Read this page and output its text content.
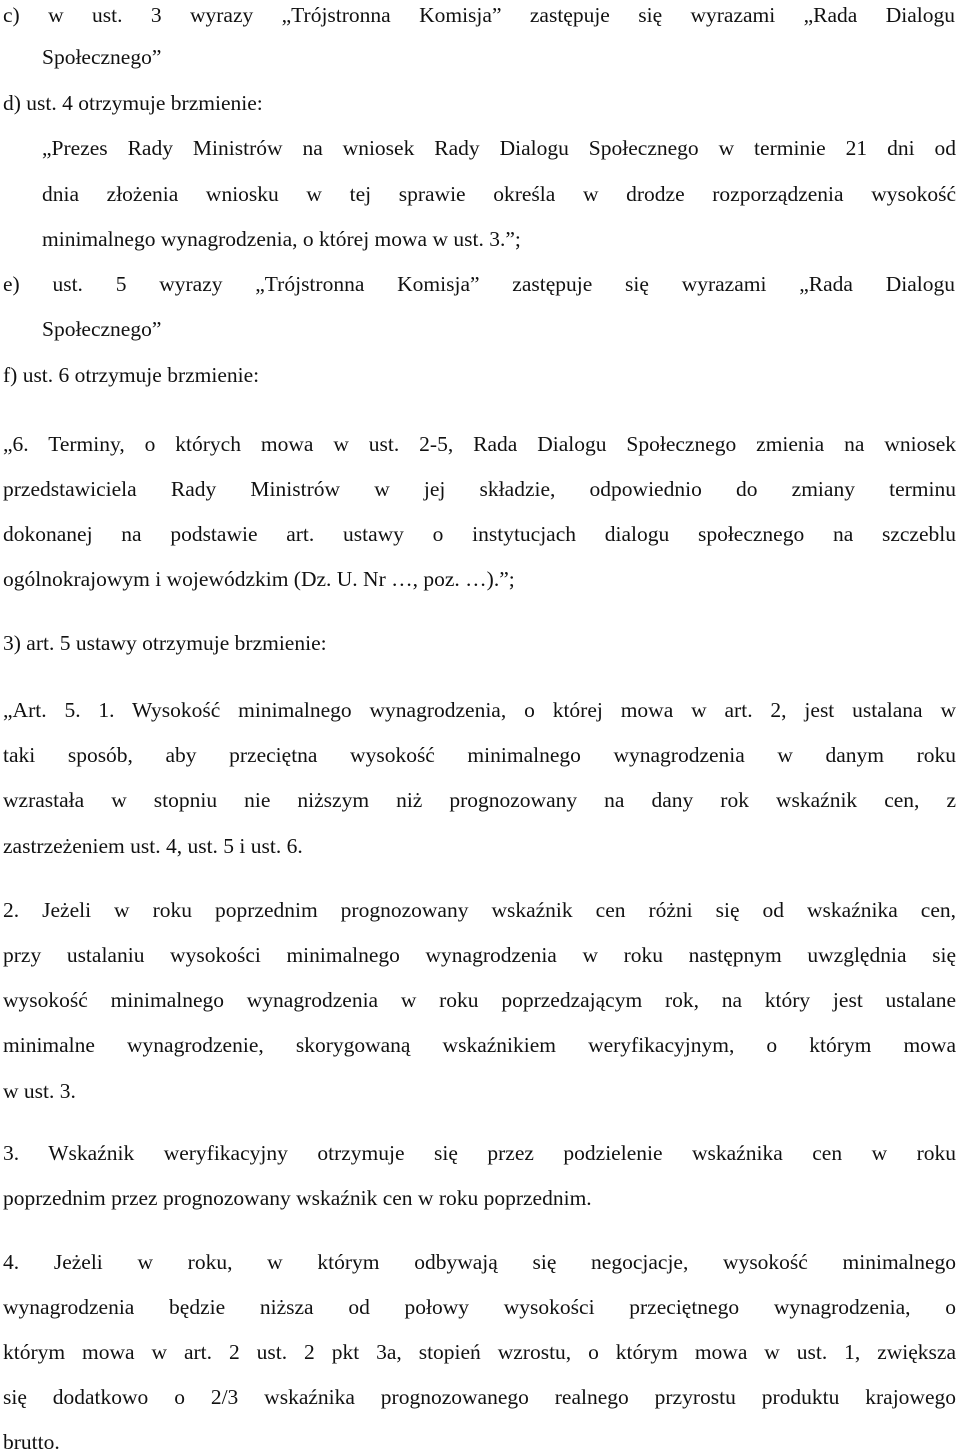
c) w ust. 3 wyrazy „Trójstronna Komisja” zastępuje się wyrazami „Rada Dialogu
Społecznego”
d) ust. 4 otrzymuje brzmienie:
„Prezes Rady Ministrów na wniosek Rady Dialogu Społecznego w terminie 21 dni od
dnia złożenia wniosku w tej sprawie określa w drodze rozporządzenia wysokość
minimalnego wynagrodzenia, o której mowa w ust. 3.”;
e) ust. 5 wyrazy „Trójstronna Komisja” zastępuje się wyrazami „Rada Dialogu
Społecznego”
f) ust. 6 otrzymuje brzmienie:
„6. Terminy, o których mowa w ust. 2-5, Rada Dialogu Społecznego zmienia na wniosek
przedstawiciela Rady Ministrów w jej składzie, odpowiednio do zmiany terminu
dokonanej na podstawie art. ustawy o instytucjach dialogu społecznego na szczeblu
ogólnokrajowym i wojewódzkim (Dz. U. Nr …, poz. …).”;
3) art. 5 ustawy otrzymuje brzmienie:
„Art. 5. 1. Wysokość minimalnego wynagrodzenia, o której mowa w art. 2, jest ustalana w
taki sposób, aby przeciętna wysokość minimalnego wynagrodzenia w danym roku
wzrastała w stopniu nie niższym niż prognozowany na dany rok wskaźnik cen, z
zastrzeżeniem ust. 4, ust. 5 i ust. 6.
2. Jeżeli w roku poprzednim prognozowany wskaźnik cen różni się od wskaźnika cen,
przy ustalaniu wysokości minimalnego wynagrodzenia w roku następnym uwzględnia się
wysokość minimalnego wynagrodzenia w roku poprzedzającym rok, na który jest ustalane
minimalne wynagrodzenie, skorygowaną wskaźnikiem weryfikacyjnym, o którym mowa
w ust. 3.
3. Wskaźnik weryfikacyjny otrzymuje się przez podzielenie wskaźnika cen w roku
poprzednim przez prognozowany wskaźnik cen w roku poprzednim.
4. Jeżeli w roku, w którym odbywają się negocjacje, wysokość minimalnego
wynagrodzenia będzie niższa od połowy wysokości przeciętnego wynagrodzenia, o
którym mowa w art. 2 ust. 2 pkt 3a, stopień wzrostu, o którym mowa w ust. 1, zwiększa
się dodatkowo o 2/3 wskaźnika prognozowanego realnego przyrostu produktu krajowego
brutto.
